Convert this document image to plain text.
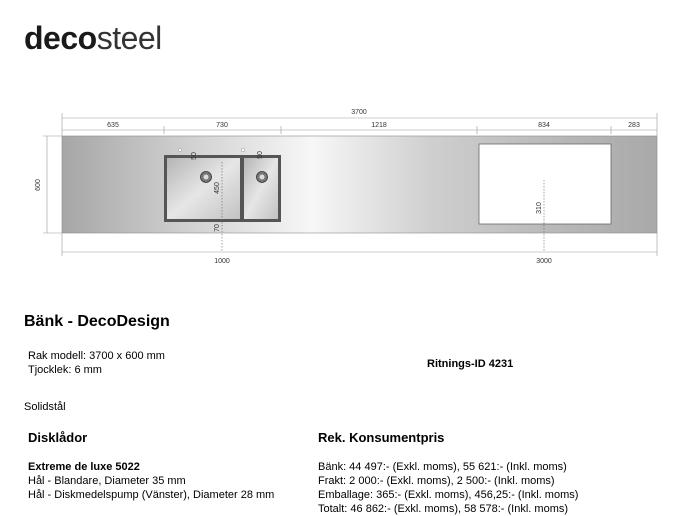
decosteel
3700
635	730	1218	834	283
600
50	50
450
70
310
1000	3000
Bänk - DecoDesign
Rak modell: 3700 x 600 mm
Tjocklek: 6 mm	Ritnings-ID 4231
Solidstål
Disklådor
Extreme de luxe 5022
Hål - Blandare, Diameter 35 mm
Hål - Diskmedelspump (Vänster), Diameter 28 mm
Rek. Konsumentpris
Bänk: 44 497:- (Exkl. moms), 55 621:- (Inkl. moms)
Frakt: 2 000:- (Exkl. moms), 2 500:- (Inkl. moms)
Emballage: 365:- (Exkl. moms), 456,25:- (Inkl. moms)
Totalt: 46 862:- (Exkl. moms), 58 578:- (Inkl. moms)
